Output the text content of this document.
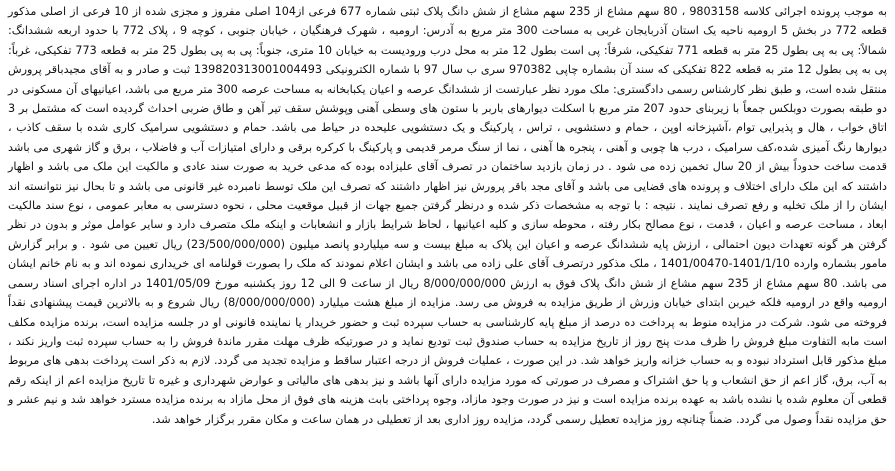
به موجب پرونده اجرائی کلاسه 9803158 ، 80 سهم مشاع از 235 سهم مشاع از شش دانگ پلاک ثبتی شماره 677 فرعی از104 اصلی مفروز و مجزی شده از 10 فرعی از اصلی مذکور قطعه 772 در بخش 5 ارومیه ناحیه یک استان آذربایجان غربی به مساحت 300 متر مربع به آدرس: ارومیه ، شهرک فرهنگیان ، خیابان جنوبی ، کوچه 9 ، پلاک 772 با حدود اربعه ششدانگ: شمالاً: پی به پی بطول 25 متر به قطعه 771 تفکیکی، شرقاً: پی است بطول 12 متر به محل درب وروديست به خیابان 10 متری، جنوباً: پی به پی بطول 25 متر به قطعه 773 تفکیکی، غرباً: پی به پی بطول 12 متر به قطعه 822 تفکیکی که سند آن بشماره چاپی 970382 سری ب سال 97 با شماره الکترونیکی 139820313001004493 ثبت و صادر و به آقای مجیدباقر پرورش منتقل شده است، و طبق نظر کارشناس رسمی دادگستری: ملک مورد نظر عبارتست از ششدانگ عرصه و اعیان یکبابخانه به مساحت عرصه 300 متر مربع می باشد، اعیانیهای آن مسکونی در دو طبقه بصورت دوبلکس جمعاً با زیربنای حدود 207 متر مربع با اسکلت دیوارهای باربر با ستون های وسطی آهنی وپوشش سقف تیر آهن و طاق ضربی احداث گردیده است که مشتمل بر 3 اتاق خواب ، هال و پذیرایی توام ،آشپزخانه اوپن ، حمام و دستشویی ، تراس ، پارکینگ و یک دستشویی علیحده در حیاط می باشد. حمام و دستشویی سرامیک کاری شده با سقف کاذب ، دیوارها رنگ آمیزی شده،کف سرامیک ، درب ها چوبی و آهنی ، پنجره ها آهنی ، نما از سنگ مرمر قدیمی و پارکینگ با کرکره برقی و دارای امتیازات آب و فاضلاب ، برق و گاز شهری می باشد قدمت ساخت حدوداً بیش از 20 سال تخمین زده می شود . در زمان بازدید ساختمان در تصرف آقای علیزاده بوده که مدعی خرید به صورت سند عادی و مالکیت این ملک می باشد و اظهار داشتند که این ملک دارای اختلاف و پرونده های قضایی می باشد و آقای مجد باقر پرورش نیز اظهار داشتند که تصرف این ملک توسط نامبرده غیر قانونی می باشد و تا بحال نیز نتوانسته اند ایشان را از ملک تخلیه و رفع تصرف نمایند . نتیجه : با توجه به مشخصات ذکر شده و درنظر گرفتن جمیع جهات از قبیل موقعیت محلی ، نحوه دسترسی به معابر عمومی ، نوع سند مالکیت ابعاد ، مساحت عرصه و اعیان ، قدمت ، نوع مصالح بکار رفته ، محوطه سازی و کلیه اعیانیها ، لحاظ شرایط بازار و انشعابات و اینکه ملک متصرف دارد و سایر عوامل موثر و بدون در نظر گرفتن هر گونه تعهدات دیون احتمالی ، ارزش پایه ششدانگ عرصه و اعیان این پلاک به مبلغ بیست و سه میلیاردو پانصد میلیون (23/500/000/000) ریال تعیین می شود . و برابر گزارش مامور بشماره وارده 1401/1/10-1401/00470 ، ملک مذکور درتصرف آقای علی زاده می باشد و ایشان اعلام نمودند که ملک را بصورت قولنامه ای خریداری نموده اند و به نام خانم ایشان می باشد. 80 سهم مشاع از 235 سهم مشاع از شش دانگ پلاک فوق به ارزش 8/000/000/000 ریال از ساعت 9 الی 12 روز یکشنبه مورخ 1401/05/09 در اداره اجرای اسناد رسمی ارومیه واقع در ارومیه فلکه خیربن ابتدای خیابان وزرش از طریق مزایده به فروش می رسد. مزایده از مبلغ هشت میلیارد (8/000/000/000) ریال شروع و به بالاترین قیمت پیشنهادی نقداً فروخته می شود. شرکت در مزایده منوط به پرداخت ده درصد از مبلغ پایه کارشناسی به حساب سپرده ثبت و حضور خریدار یا نماینده قانونی او در جلسه مزایده است، برنده مزایده مکلف است مابه التفاوت مبلغ فروش را ظرف مدت پنج روز از تاریخ مزایده به حساب صندوق ثبت تودیع نماید و در صورتیکه ظرف مهلت مقرر ماندهٔ فروش را به حساب سپرده ثبت واریز نکند ، مبلغ مذکور قابل استرداد نبوده و به حساب خزانه واریز خواهد شد. در این صورت ، عملیات فروش از درجه اعتبار ساقط و مزایده تجدید می گردد. لازم به ذکر است پرداخت بدهی های مربوط به آب، برق، گاز اعم از حق انشعاب و یا حق اشتراک و مصرف در صورتی که مورد مزایده دارای آنها باشد و نیز بدهی های مالیاتی و عوارض شهرداری و غیره تا تاریخ مزایده اعم از اینکه رقم قطعی آن معلوم شده یا نشده باشد به عهده برنده مزایده است و نیز در صورت وجود مازاد، وجوه پرداختی بابت هزینه های فوق از محل مازاد به برنده مزایده مسترد خواهد شد و نیم عشر و حق مزایده نقداً وصول می گردد. ضمناً چنانچه روز مزایده تعطیل رسمی گردد، مزایده روز اداری بعد از تعطیلی در همان ساعت و مکان مقرر برگزار خواهد شد.
